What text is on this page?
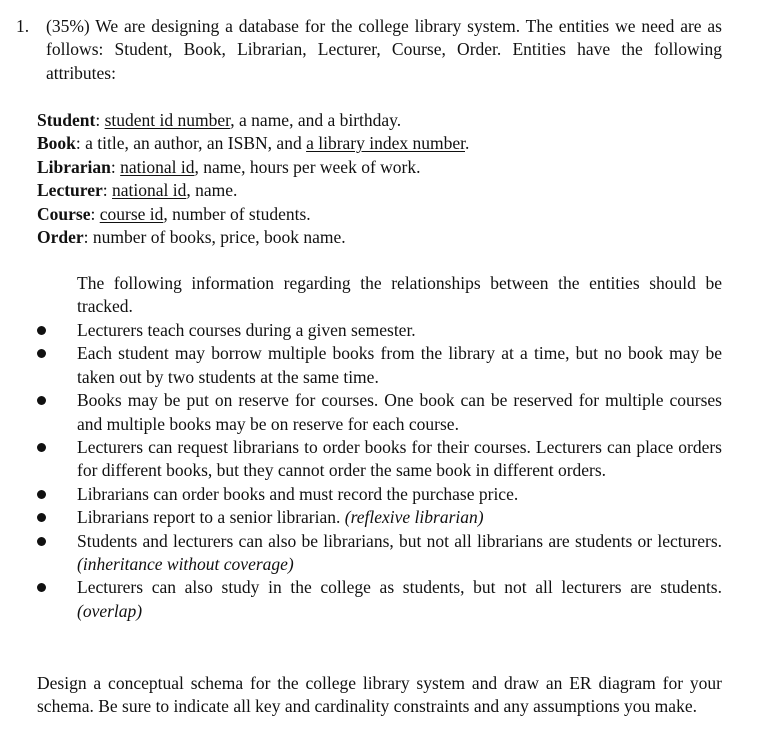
1. (35%) We are designing a database for the college library system. The entities we need are as follows: Student, Book, Librarian, Lecturer, Course, Order. Entities have the following attributes:
Student: student id number, a name, and a birthday.
Book: a title, an author, an ISBN, and a library index number.
Librarian: national id, name, hours per week of work.
Lecturer: national id, name.
Course: course id, number of students.
Order: number of books, price, book name.
The following information regarding the relationships between the entities should be tracked.
Lecturers teach courses during a given semester.
Each student may borrow multiple books from the library at a time, but no book may be taken out by two students at the same time.
Books may be put on reserve for courses. One book can be reserved for multiple courses and multiple books may be on reserve for each course.
Lecturers can request librarians to order books for their courses. Lecturers can place orders for different books, but they cannot order the same book in different orders.
Librarians can order books and must record the purchase price.
Librarians report to a senior librarian. (reflexive librarian)
Students and lecturers can also be librarians, but not all librarians are students or lecturers. (inheritance without coverage)
Lecturers can also study in the college as students, but not all lecturers are students. (overlap)
Design a conceptual schema for the college library system and draw an ER diagram for your schema. Be sure to indicate all key and cardinality constraints and any assumptions you make.
